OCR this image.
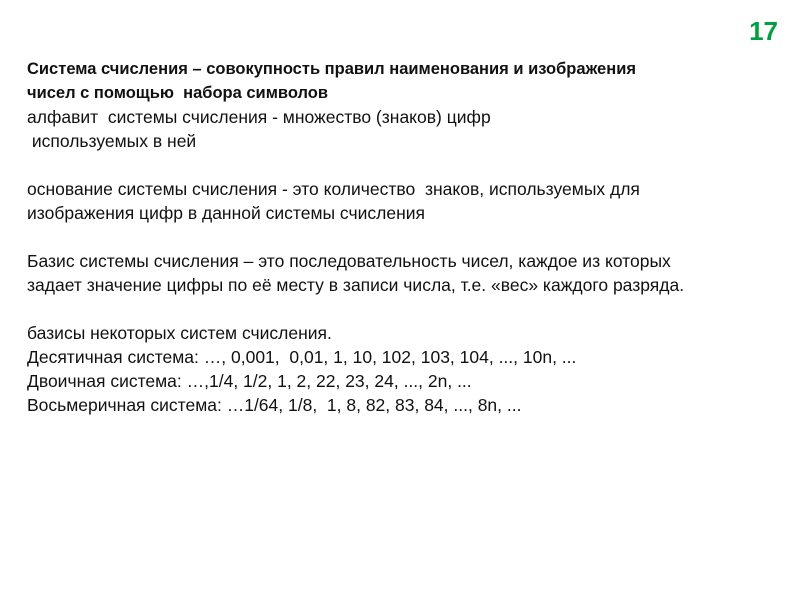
17
Система счисления – совокупность правил наименования и изображения
чисел с помощью  набора символов
алфавит  системы счисления - множество (знаков) цифр
используемых в ней
основание системы счисления - это количество  знаков, используемых для
изображения цифр в данной системы счисления
Базис системы счисления – это последовательность чисел, каждое из которых
задает значение цифры по её месту в записи числа, т.е. «вес» каждого разряда.
базисы некоторых систем счисления.
Десятичная система: …, 0,001,  0,01, 1, 10, 102, 103, 104, ..., 10n, ...
Двоичная система: …,1/4, 1/2, 1, 2, 22, 23, 24, ..., 2n, ...
Восьмеричная система: …1/64, 1/8,  1, 8, 82, 83, 84, ..., 8n, ...
